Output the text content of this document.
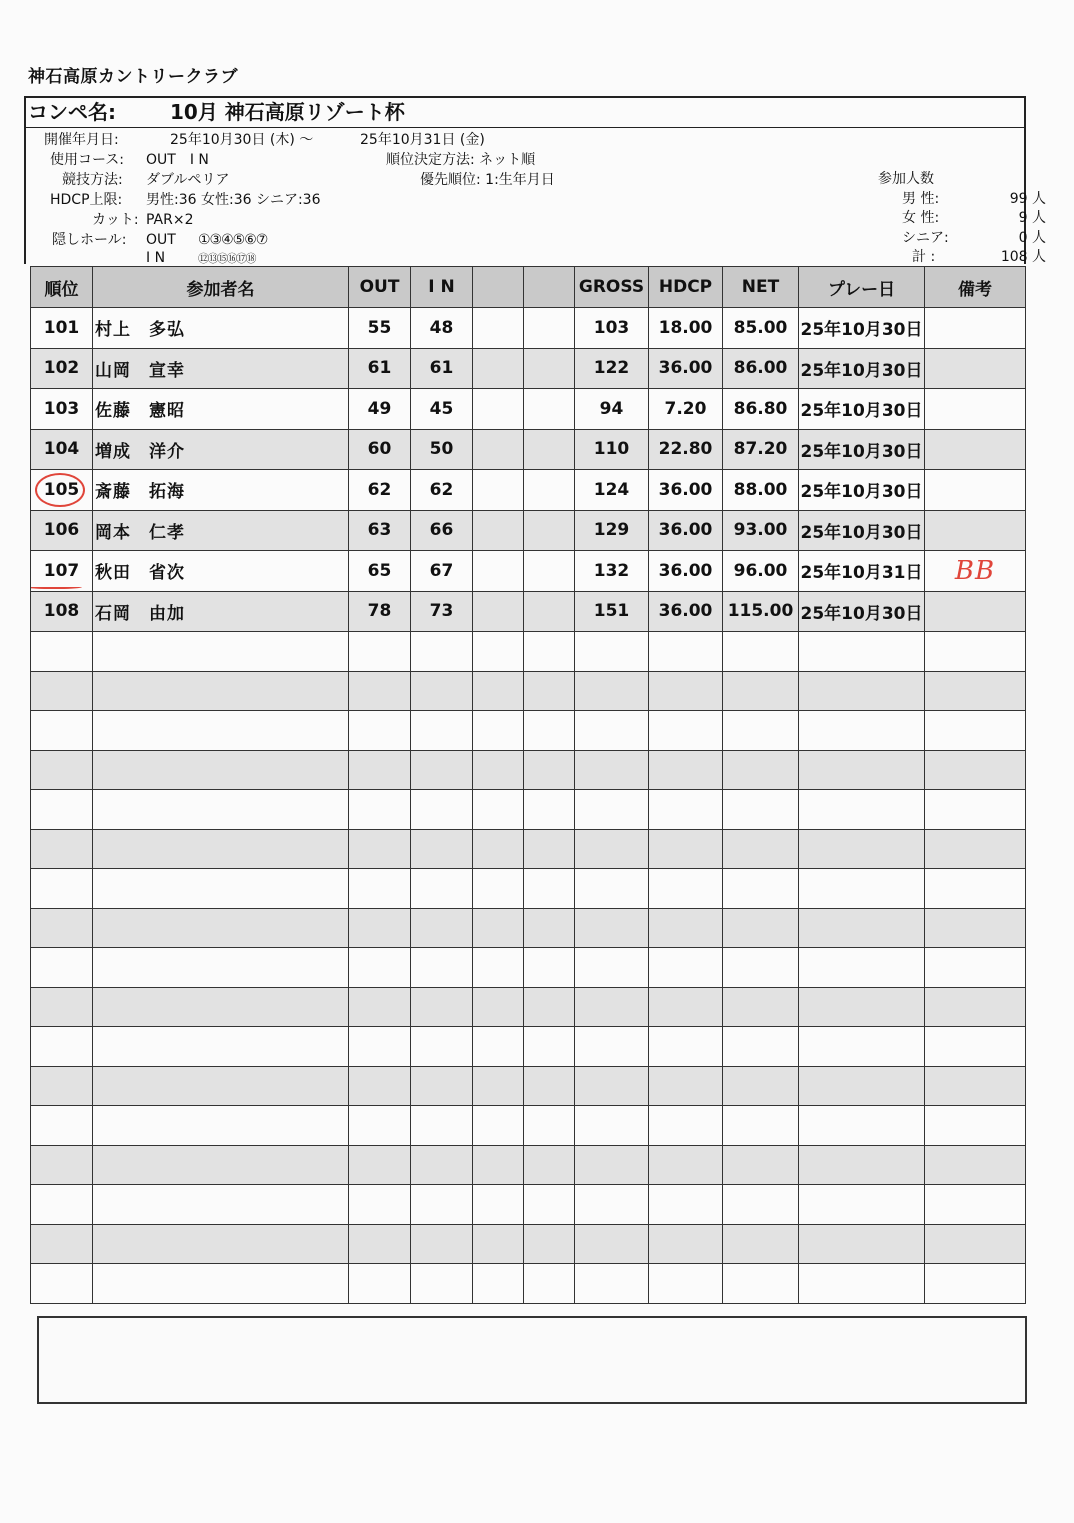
神石高原カントリークラブ
コンペ名:	10月 神石高原リゾート杯
開催年月日:	25年10月30日 (木) ～	25年10月31日 (金)
使用コース: OUT　I N	順位決定方法: ネット順
競技方法: ダブルペリア	優先順位: 1:生年月日
HDCP上限: 男性:36 女性:36 シニア:36
カット: PAR×2
隠しホール: OUT ①③④⑤⑥⑦
I N	⑫⑬⑮⑯⑰⑱
参加人数
男 性:	99 人
女 性:	9 人
シニア:	0 人
計 :	108 人
順位	参加者名	OUT	I N			GROSS	HDCP	NET	プレー日	備考
101	村上　多弘	55	48			103	18.00	85.00	25年10月30日	
102	山岡　宣幸	61	61			122	36.00	86.00	25年10月30日	
103	佐藤　憲昭	49	45			94	7.20	86.80	25年10月30日	
104	増成　洋介	60	50			110	22.80	87.20	25年10月30日	

105	斎藤　拓海	62	62			124	36.00	88.00	25年10月30日	
106	岡本　仁孝	63	66			129	36.00	93.00	25年10月30日	
107	秋田　省次	65	67			132	36.00	96.00	25年10月31日	BB
108	石岡　由加	78	73			151	36.00	115.00	25年10月30日	
